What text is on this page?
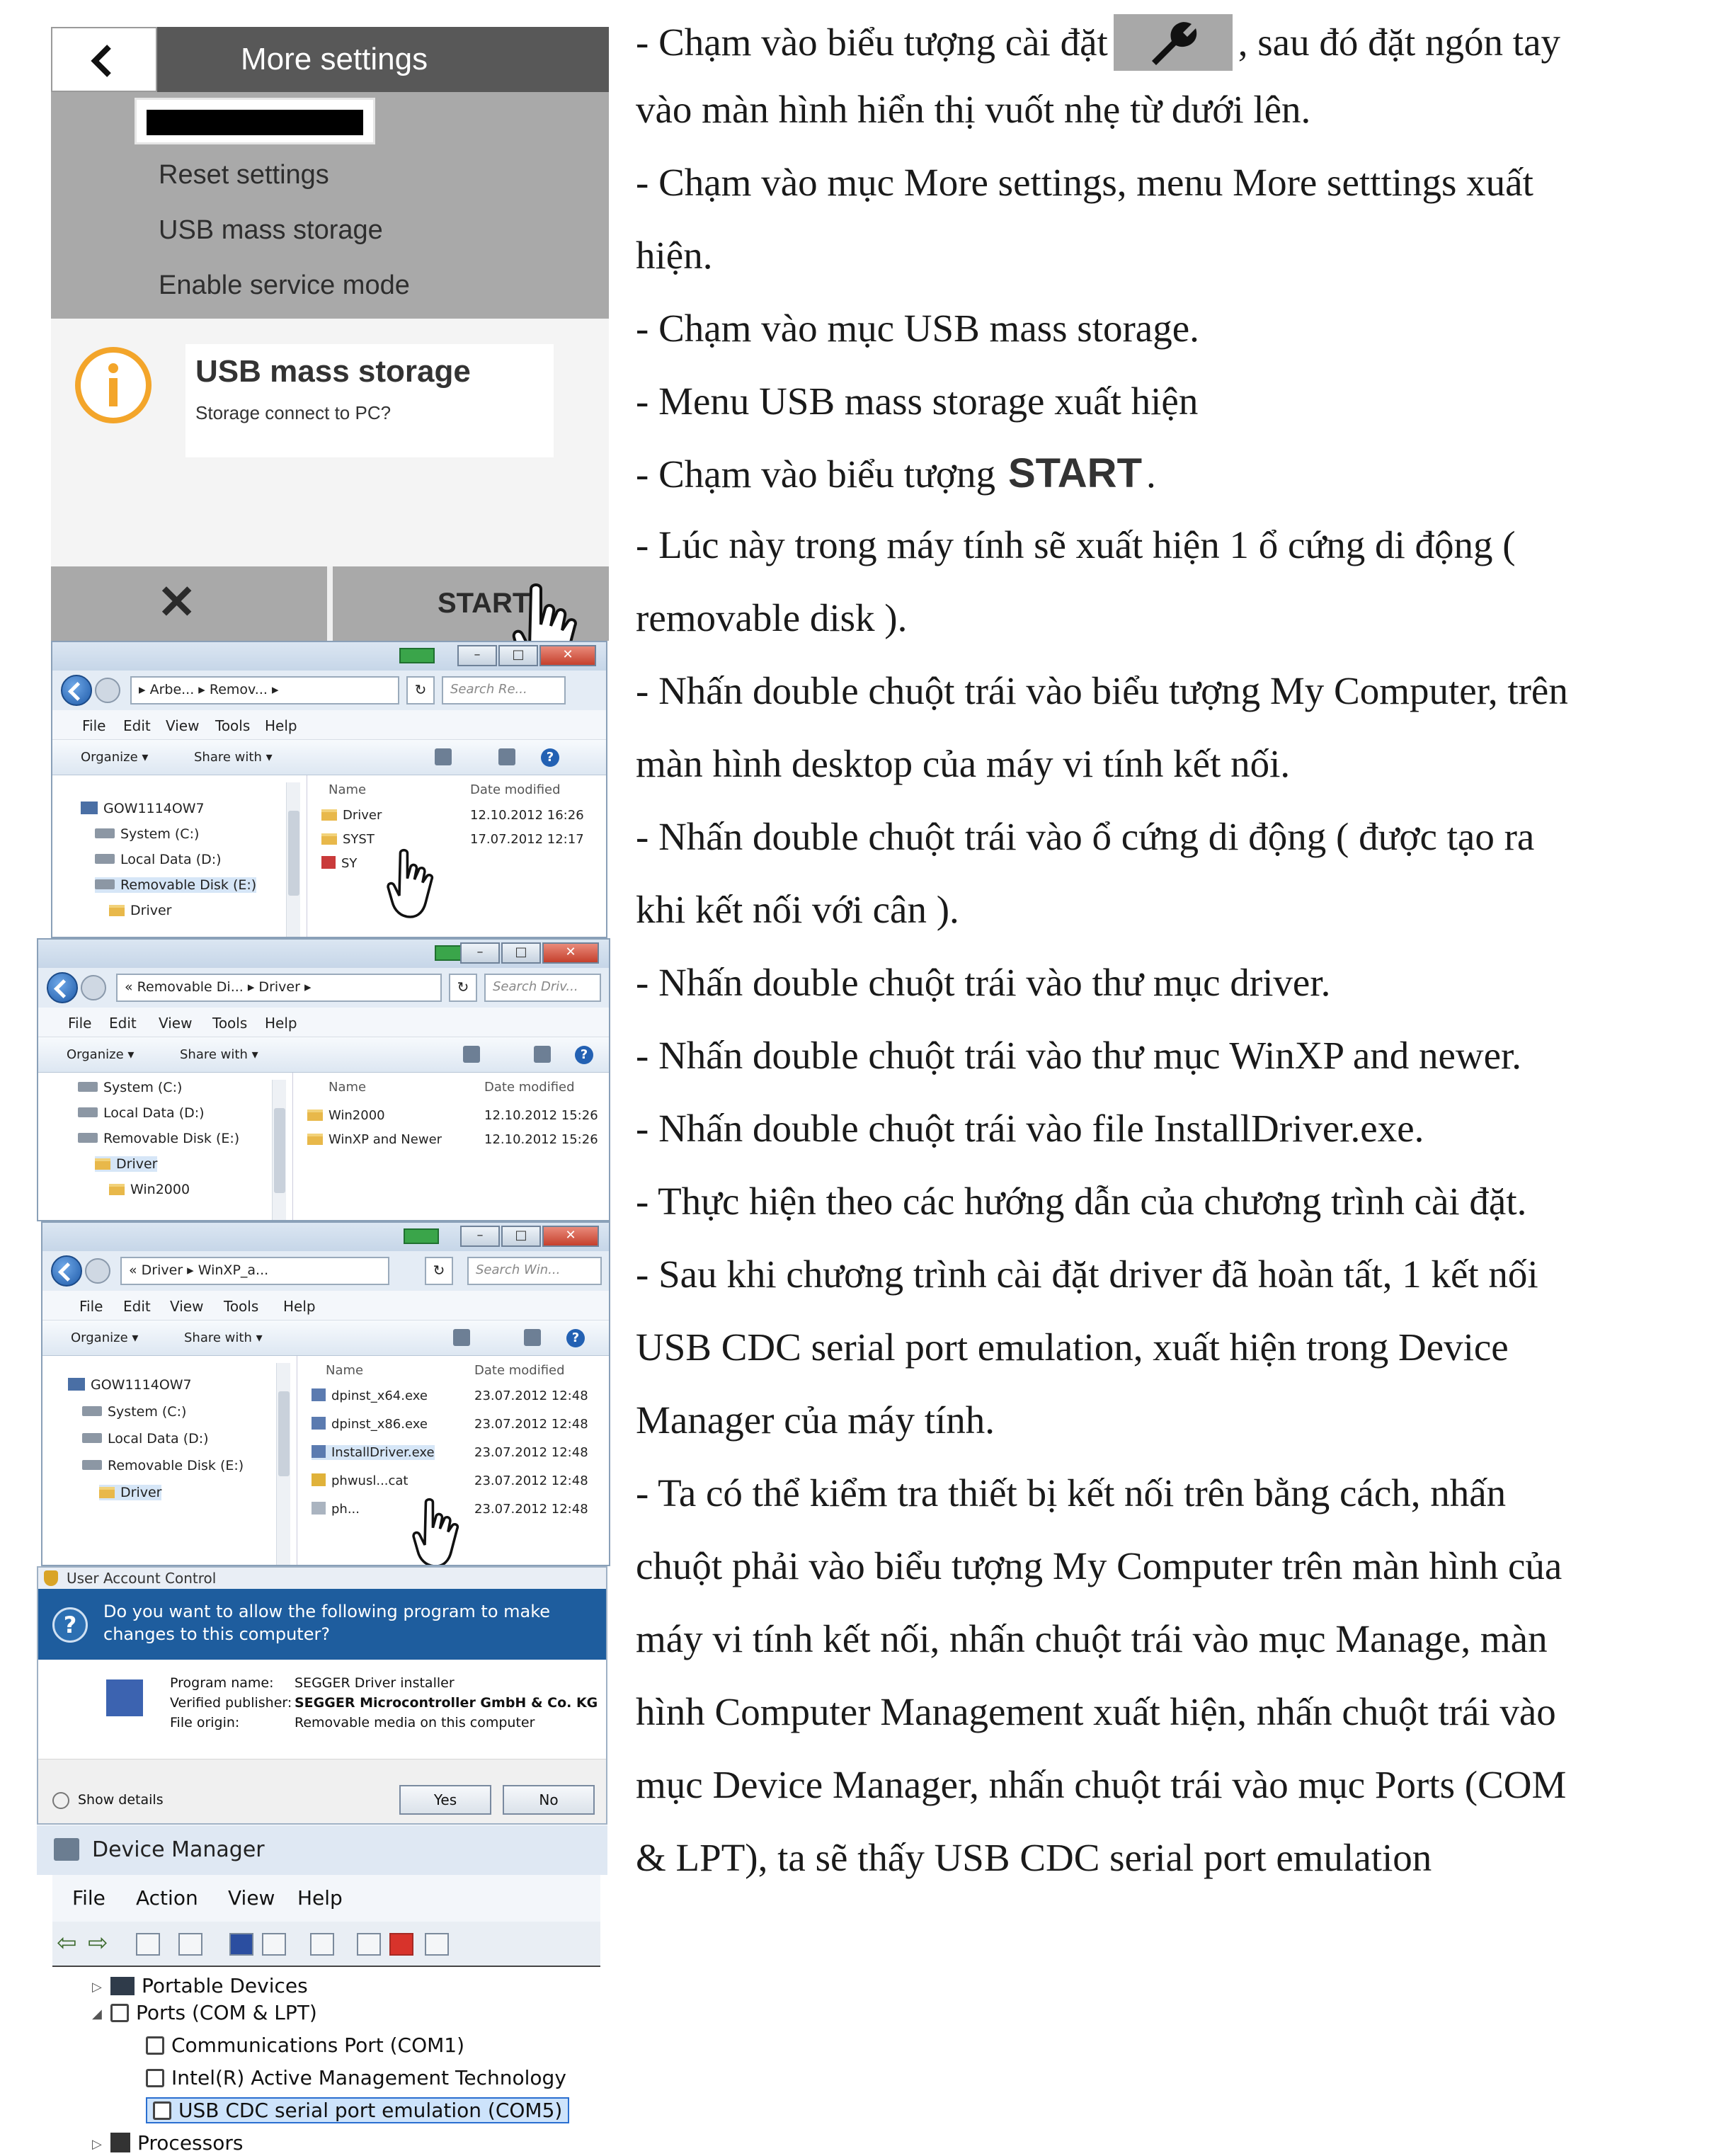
- Chạm vào biểu tượng cài đặt	, sau đó đặt ngón tay
vào màn hình hiển thị vuốt nhẹ từ dưới lên.
- Chạm vào mục More settings, menu More setttings xuất
hiện.
- Chạm vào mục USB mass storage.
- Menu USB mass storage xuất hiện
- Chạm vào biểu tượng START .
- Lúc này trong máy tính sẽ xuất hiện 1 ổ cứng di động (
removable disk ).
- Nhấn double chuột trái vào biểu tượng My Computer, trên
màn hình desktop của máy vi tính kết nối.
- Nhấn double chuột trái vào ổ cứng di động ( được tạo ra
khi kết nối với cân ).
- Nhấn double chuột trái vào thư mục driver.
- Nhấn double chuột trái vào thư mục WinXP and newer.
- Nhấn double chuột trái vào file InstallDriver.exe.
- Thực hiện theo các hướng dẫn của chương trình cài đặt.
- Sau khi chương trình cài đặt driver đã hoàn tất, 1 kết nối
USB CDC serial port emulation, xuất hiện trong Device
Manager của máy tính.
- Ta có thể kiểm tra thiết bị kết nối trên bằng cách, nhấn
chuột phải vào biểu tượng My Computer trên màn hình của
máy vi tính kết nối, nhấn chuột trái vào mục Manage, màn
hình Computer Management xuất hiện, nhấn chuột trái vào
mục Device Manager, nhấn chuột trái vào mục Ports (COM
& LPT), ta sẽ thấy USB CDC serial port emulation
More settings
Reset settings
USB mass storage
Enable service mode
USB mass storage
Storage connect to PC?
✕	START
–	□	✕
▸ Arbe... ▸ Remov... ▸	↻	Search Re...
File Edit View Tools Help
Organize ▾	Share with ▾	?
GOW1114OW7
System (C:)
Local Data (D:)
Removable Disk (E:)
Driver
Name	Date modified
Driver	12.10.2012 16:26
SYST	17.07.2012 12:17
SY
–	□	✕
« Removable Di... ▸ Driver ▸	↻	Search Driv...
File Edit View Tools Help
Organize ▾	Share with ▾	?
System (C:)
Local Data (D:)
Removable Disk (E:)
Driver
Win2000
Name	Date modified
Win2000	12.10.2012 15:26
WinXP and Newer	12.10.2012 15:26
–	□	✕
« Driver ▸ WinXP_a...	↻	Search Win...
File Edit View Tools Help
Organize ▾	Share with ▾	?
GOW1114OW7
System (C:)
Local Data (D:)
Removable Disk (E:)
Driver
Name	Date modified
dpinst_x64.exe	23.07.2012 12:48
dpinst_x86.exe	23.07.2012 12:48
InstallDriver.exe	23.07.2012 12:48
phwusl...cat	23.07.2012 12:48
ph...	23.07.2012 12:48
User Account Control
?	Do you want to allow the following program to make changes to this computer?
Program name: SEGGER Driver installer
Verified publisher: SEGGER Microcontroller GmbH & Co. KG
File origin:	Removable media on this computer
Show details	Yes	No
Device Manager
File Action View Help
⇦ ⇨
▷	Portable Devices
◢	Ports (COM & LPT)
Communications Port (COM1)
Intel(R) Active Management Technology
USB CDC serial port emulation (COM5)
▷	Processors
